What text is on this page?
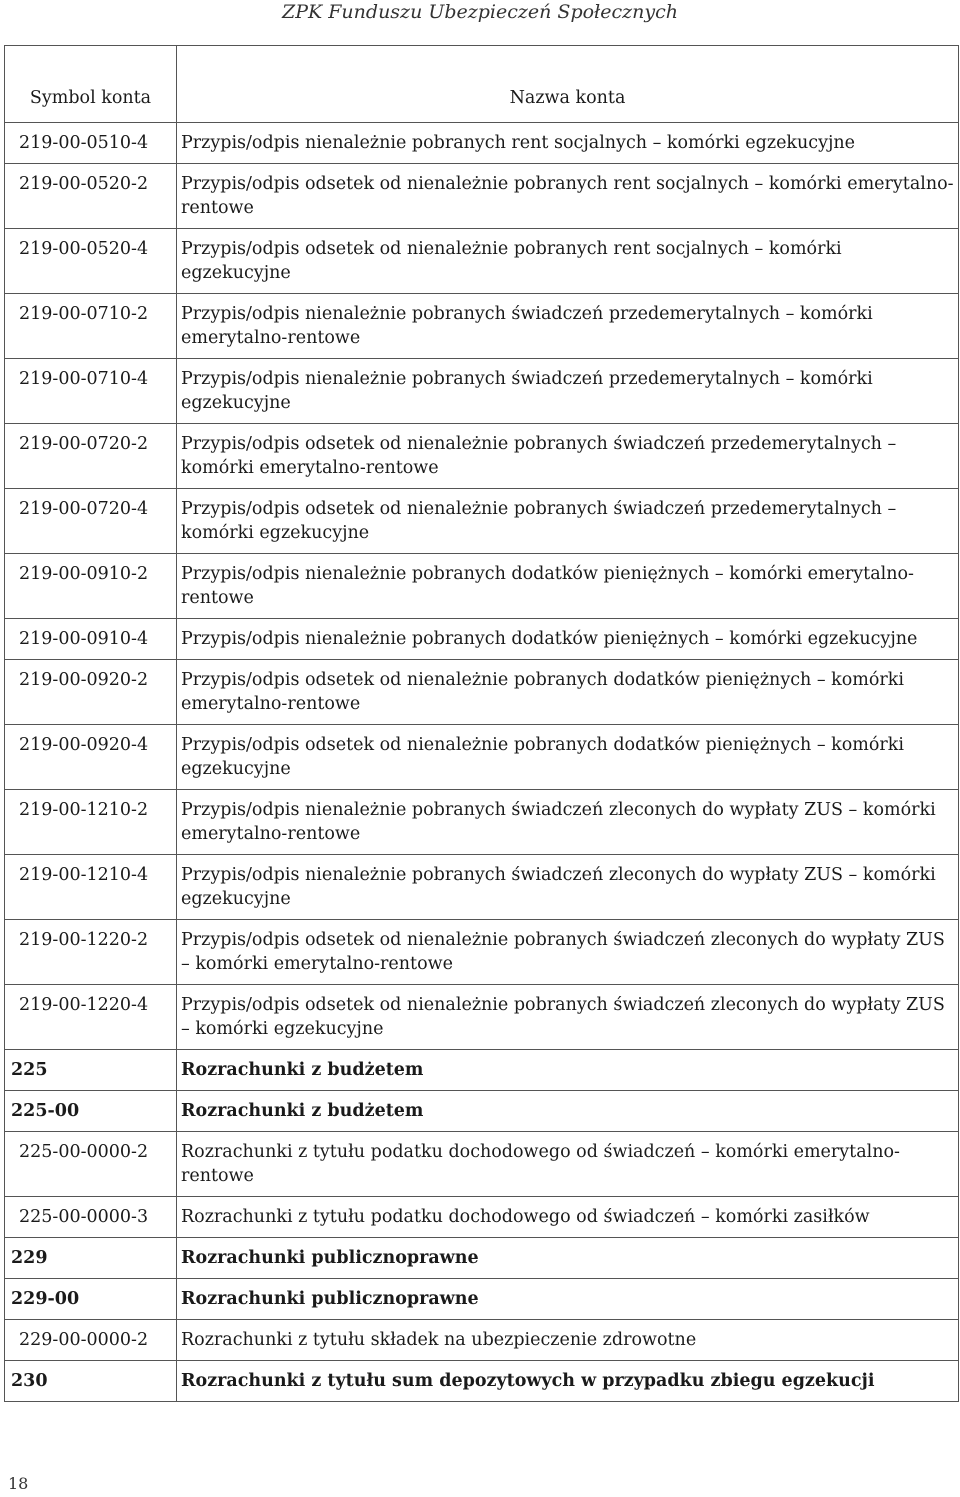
ZPK Funduszu Ubezpieczeń Społecznych
Symbol konta	Nazwa konta
219-00-0510-4	Przypis/odpis nienależnie pobranych rent socjalnych – komórki egzekucyjne
219-00-0520-2	Przypis/odpis odsetek od nienależnie pobranych rent socjalnych – komórki emerytalno-rentowe
219-00-0520-4	Przypis/odpis odsetek od nienależnie pobranych rent socjalnych – komórki egzekucyjne
219-00-0710-2	Przypis/odpis nienależnie pobranych świadczeń przedemerytalnych – komórki emerytalno-rentowe
219-00-0710-4	Przypis/odpis nienależnie pobranych świadczeń przedemerytalnych – komórki egzekucyjne
219-00-0720-2	Przypis/odpis odsetek od nienależnie pobranych świadczeń przedemerytalnych – komórki emerytalno-rentowe
219-00-0720-4	Przypis/odpis odsetek od nienależnie pobranych świadczeń przedemerytalnych – komórki egzekucyjne
219-00-0910-2	Przypis/odpis nienależnie pobranych dodatków pieniężnych – komórki emerytalno-rentowe
219-00-0910-4	Przypis/odpis nienależnie pobranych dodatków pieniężnych – komórki egzekucyjne
219-00-0920-2	Przypis/odpis odsetek od nienależnie pobranych dodatków pieniężnych – komórki emerytalno-rentowe
219-00-0920-4	Przypis/odpis odsetek od nienależnie pobranych dodatków pieniężnych – komórki egzekucyjne
219-00-1210-2	Przypis/odpis nienależnie pobranych świadczeń zleconych do wypłaty ZUS – komórki emerytalno-rentowe
219-00-1210-4	Przypis/odpis nienależnie pobranych świadczeń zleconych do wypłaty ZUS – komórki egzekucyjne
219-00-1220-2	Przypis/odpis odsetek od nienależnie pobranych świadczeń zleconych do wypłaty ZUS – komórki emerytalno-rentowe
219-00-1220-4	Przypis/odpis odsetek od nienależnie pobranych świadczeń zleconych do wypłaty ZUS – komórki egzekucyjne
225	Rozrachunki z budżetem
225-00	Rozrachunki z budżetem
225-00-0000-2	Rozrachunki z tytułu podatku dochodowego od świadczeń – komórki emerytalno-rentowe
225-00-0000-3	Rozrachunki z tytułu podatku dochodowego od świadczeń – komórki zasiłków
229	Rozrachunki publicznoprawne
229-00	Rozrachunki publicznoprawne
229-00-0000-2	Rozrachunki z tytułu składek na ubezpieczenie zdrowotne
230	Rozrachunki z tytułu sum depozytowych w przypadku zbiegu egzekucji
18
